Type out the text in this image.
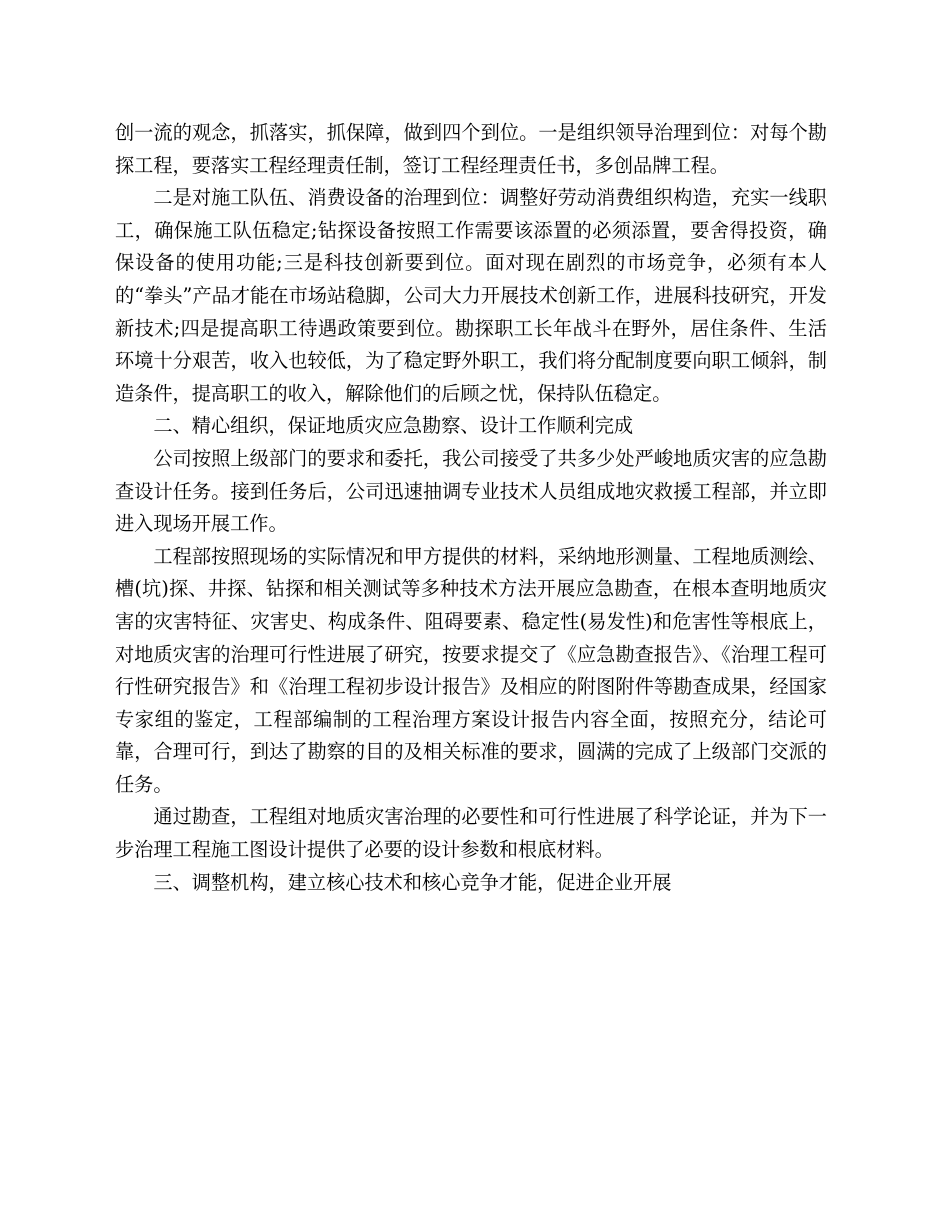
创一流的观念，抓落实，抓保障，做到四个到位。一是组织领导治理到位：对每个勘探工程，要落实工程经理责任制，签订工程经理责任书，多创品牌工程。

二是对施工队伍、消费设备的治理到位：调整好劳动消费组织构造，充实一线职工，确保施工队伍稳定;钻探设备按照工作需要该添置的必须添置，要舍得投资，确保设备的使用功能;三是科技创新要到位。面对现在剧烈的市场竞争，必须有本人的“拳头”产品才能在市场站稳脚，公司大力开展技术创新工作，进展科技研究，开发新技术;四是提高职工待遇政策要到位。勘探职工长年战斗在野外，居住条件、生活环境十分艰苦，收入也较低，为了稳定野外职工，我们将分配制度要向职工倾斜，制造条件，提高职工的收入，解除他们的后顾之忧，保持队伍稳定。

二、精心组织，保证地质灾应急勘察、设计工作顺利完成

公司按照上级部门的要求和委托，我公司接受了共多少处严峻地质灾害的应急勘查设计任务。接到任务后，公司迅速抽调专业技术人员组成地灾救援工程部，并立即进入现场开展工作。

工程部按照现场的实际情况和甲方提供的材料，采纳地形测量、工程地质测绘、槽(坑)探、井探、钻探和相关测试等多种技术方法开展应急勘查，在根本查明地质灾害的灾害特征、灾害史、构成条件、阻碍要素、稳定性(易发性)和危害性等根底上，对地质灾害的治理可行性进展了研究，按要求提交了《应急勘查报告》、《治理工程可行性研究报告》和《治理工程初步设计报告》及相应的附图附件等勘查成果，经国家专家组的鉴定，工程部编制的工程治理方案设计报告内容全面，按照充分，结论可靠，合理可行，到达了勘察的目的及相关标准的要求，圆满的完成了上级部门交派的任务。

通过勘查，工程组对地质灾害治理的必要性和可行性进展了科学论证，并为下一步治理工程施工图设计提供了必要的设计参数和根底材料。

三、调整机构，建立核心技术和核心竞争才能，促进企业开展
